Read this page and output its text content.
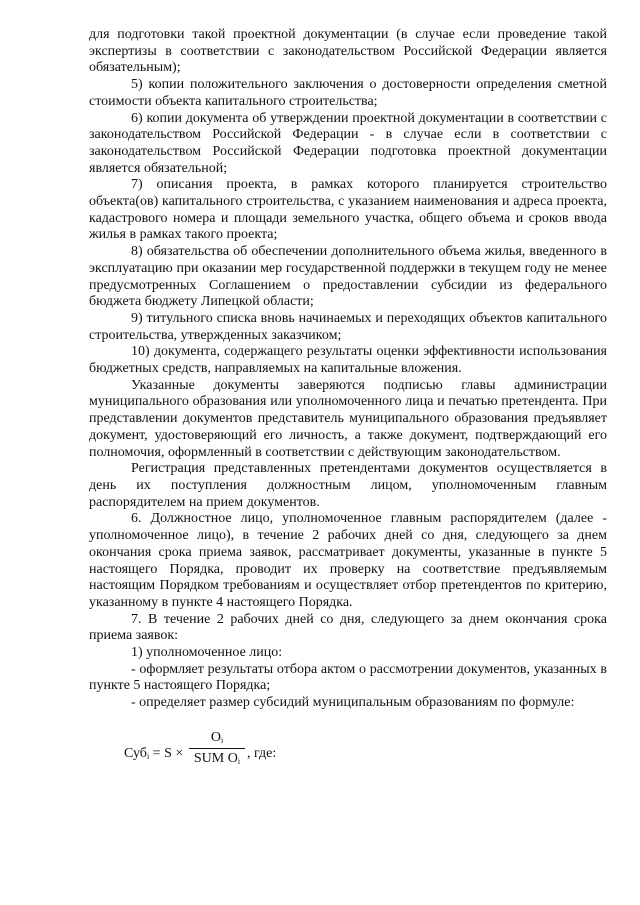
для подготовки такой проектной документации (в случае если проведение такой экспертизы в соответствии с законодательством Российской Федерации является обязательным);

5) копии положительного заключения о достоверности определения сметной стоимости объекта капитального строительства;

6) копии документа об утверждении проектной документации в соответствии с законодательством Российской Федерации - в случае если в соответствии с законодательством Российской Федерации подготовка проектной документации является обязательной;

7) описания проекта, в рамках которого планируется строительство объекта(ов) капитального строительства, с указанием наименования и адреса проекта, кадастрового номера и площади земельного участка, общего объема и сроков ввода жилья в рамках такого проекта;

8) обязательства об обеспечении дополнительного объема жилья, введенного в эксплуатацию при оказании мер государственной поддержки в текущем году не менее предусмотренных Соглашением о предоставлении субсидии из федерального бюджета бюджету Липецкой области;

9) титульного списка вновь начинаемых и переходящих объектов капитального строительства, утвержденных заказчиком;

10) документа, содержащего результаты оценки эффективности использования бюджетных средств, направляемых на капитальные вложения.

Указанные документы заверяются подписью главы администрации муниципального образования или уполномоченного лица и печатью претендента. При представлении документов представитель муниципального образования предъявляет документ, удостоверяющий его личность, а также документ, подтверждающий его полномочия, оформленный в соответствии с действующим законодательством.

Регистрация представленных претендентами документов осуществляется в день их поступления должностным лицом, уполномоченным главным распорядителем на прием документов.

6. Должностное лицо, уполномоченное главным распорядителем (далее - уполномоченное лицо), в течение 2 рабочих дней со дня, следующего за днем окончания срока приема заявок, рассматривает документы, указанные в пункте 5 настоящего Порядка, проводит их проверку на соответствие предъявляемым настоящим Порядком требованиям и осуществляет отбор претендентов по критерию, указанному в пункте 4 настоящего Порядка.

7. В течение 2 рабочих дней со дня, следующего за днем окончания срока приема заявок:

1) уполномоченное лицо:

- оформляет результаты отбора актом о рассмотрении документов, указанных в пункте 5 настоящего Порядка;

- определяет размер субсидий муниципальным образованиям по формуле:

Суб$_i$ = S ×
$O_i$
SUM $O_i$
, где:
